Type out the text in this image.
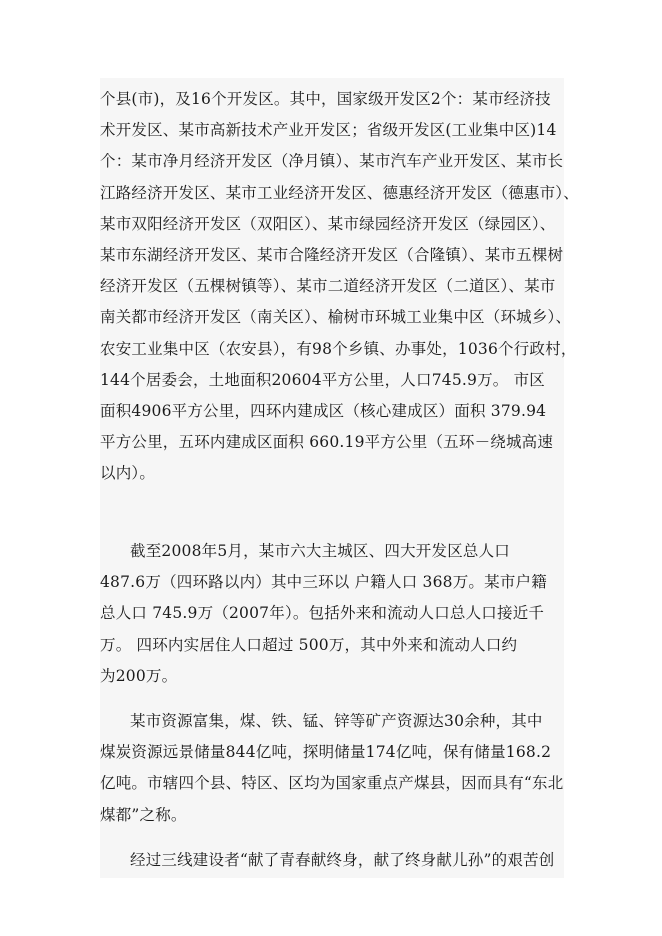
个县(市)，及16个开发区。其中，国家级开发区2个：某市经济技
术开发区、某市高新技术产业开发区；省级开发区(工业集中区)14
个：某市净月经济开发区（净月镇）、某市汽车产业开发区、某市长
江路经济开发区、某市工业经济开发区、德惠经济开发区（德惠市）、
某市双阳经济开发区（双阳区）、某市绿园经济开发区（绿园区）、
某市东湖经济开发区、某市合隆经济开发区（合隆镇）、某市五棵树
经济开发区（五棵树镇等）、某市二道经济开发区（二道区）、某市
南关都市经济开发区（南关区）、榆树市环城工业集中区（环城乡）、
农安工业集中区（农安县），有98个乡镇、办事处，1036个行政村，
144个居委会，土地面积20604平方公里，人口745.9万。 市区
面积4906平方公里，四环内建成区（核心建成区）面积 379.94
平方公里，五环内建成区面积 660.19平方公里（五环－绕城高速
以内）。
截至2008年5月，某市六大主城区、四大开发区总人口
487.6万（四环路以内）其中三环以 户籍人口 368万。某市户籍
总人口 745.9万（2007年）。包括外来和流动人口总人口接近千
万。 四环内实居住人口超过 500万，其中外来和流动人口约
为200万。
某市资源富集，煤、铁、锰、锌等矿产资源达30余种，其中
煤炭资源远景储量844亿吨，探明储量174亿吨，保有储量168.2
亿吨。市辖四个县、特区、区均为国家重点产煤县，因而具有“东北
煤都”之称。
经过三线建设者“献了青春献终身，献了终身献儿孙”的艰苦创
